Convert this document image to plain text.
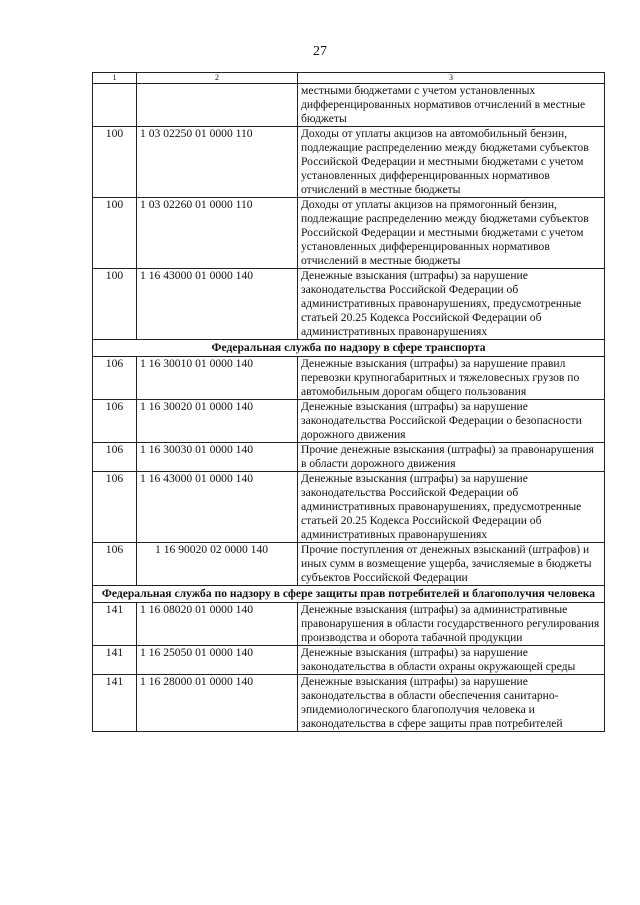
27
1	2	3
		местными бюджетами с учетом установленных дифференцированных нормативов отчислений в местные бюджеты
100	1 03 02250 01 0000 110	Доходы от уплаты акцизов на автомобильный бензин, подлежащие распределению между бюджетами субъектов Российской Федерации и местными бюджетами с учетом установленных дифференцированных нормативов отчислений в местные бюджеты
100	1 03 02260 01 0000 110	Доходы от уплаты акцизов на прямогонный бензин, подлежащие распределению между бюджетами субъектов Российской Федерации и местными бюджетами с учетом установленных дифференцированных нормативов отчислений в местные бюджеты
100	1 16 43000 01 0000 140	Денежные взыскания (штрафы) за нарушение законодательства Российской Федерации об административных правонарушениях, предусмотренные статьей 20.25 Кодекса Российской Федерации об административных правонарушениях
Федеральная служба по надзору в сфере транспорта		
106	1 16 30010 01 0000 140	Денежные взыскания (штрафы) за нарушение правил перевозки крупногабаритных и тяжеловесных грузов по автомобильным дорогам общего пользования
106	1 16 30020 01 0000 140	Денежные взыскания (штрафы) за нарушение законодательства Российской Федерации о безопасности дорожного движения
106	1 16 30030 01 0000 140	Прочие денежные взыскания (штрафы) за правонарушения в области дорожного движения
106	1 16 43000 01 0000 140	Денежные взыскания (штрафы) за нарушение законодательства Российской Федерации об административных правонарушениях, предусмотренные статьей 20.25 Кодекса Российской Федерации об административных правонарушениях
106	1 16 90020 02 0000 140	Прочие поступления от денежных взысканий (штрафов) и иных сумм в возмещение ущерба, зачисляемые в бюджеты субъектов Российской Федерации
Федеральная служба по надзору в сфере защиты прав потребителей и благополучия человека		
141	1 16 08020 01 0000 140	Денежные взыскания (штрафы) за административные правонарушения в области государственного регулирования производства и оборота табачной продукции
141	1 16 25050 01 0000 140	Денежные взыскания (штрафы) за нарушение законодательства в области охраны окружающей среды
141	1 16 28000 01 0000 140	Денежные взыскания (штрафы) за нарушение законодательства в области обеспечения санитарно-эпидемиологического благополучия человека и законодательства в сфере защиты прав потребителей
